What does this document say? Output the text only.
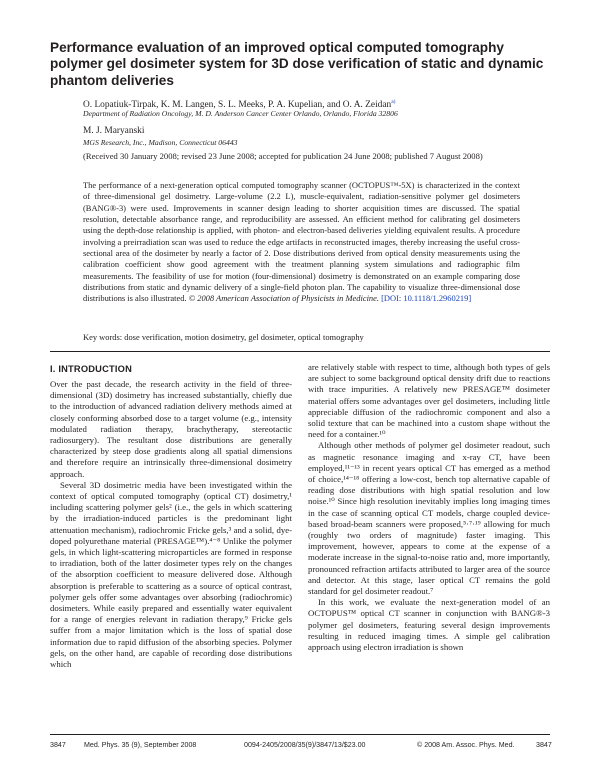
Performance evaluation of an improved optical computed tomography polymer gel dosimeter system for 3D dose verification of static and dynamic phantom deliveries
O. Lopatiuk-Tirpak, K. M. Langen, S. L. Meeks, P. A. Kupelian, and O. A. Zeidan$^{a)}$
Department of Radiation Oncology, M. D. Anderson Cancer Center Orlando, Orlando, Florida 32806
M. J. Maryanski
MGS Research, Inc., Madison, Connecticut 06443
(Received 30 January 2008; revised 23 June 2008; accepted for publication 24 June 2008; published 7 August 2008)
The performance of a next-generation optical computed tomography scanner (OCTOPUS™-5X) is characterized in the context of three-dimensional gel dosimetry. Large-volume (2.2 L), muscle-equivalent, radiation-sensitive polymer gel dosimeters (BANG®-3) were used. Improvements in scanner design leading to shorter acquisition times are discussed. The spatial resolution, detectable absorbance range, and reproducibility are assessed. An efficient method for calibrating gel dosimeters using the depth-dose relationship is applied, with photon- and electron-based deliveries yielding equivalent results. A procedure involving a preirradiation scan was used to reduce the edge artifacts in reconstructed images, thereby increasing the useful cross-sectional area of the dosimeter by nearly a factor of 2. Dose distributions derived from optical density measurements using the calibration coefficient show good agreement with the treatment planning system simulations and radiographic film measurements. The feasibility of use for motion (four-dimensional) dosimetry is demonstrated on an example comparing dose distributions from static and dynamic delivery of a single-field photon plan. The capability to visualize three-dimensional dose distributions is also illustrated. © 2008 American Association of Physicists in Medicine. [DOI: 10.1118/1.2960219]
Key words: dose verification, motion dosimetry, gel dosimeter, optical tomography
I. INTRODUCTION

Over the past decade, the research activity in the field of three-dimensional (3D) dosimetry has increased substantially, chiefly due to the introduction of advanced radiation delivery methods aimed at closely conforming absorbed dose to a target volume (e.g., intensity modulated radiation therapy, brachytherapy, stereotactic radiosurgery). The resultant dose distributions are generally characterized by steep dose gradients along all spatial dimensions and therefore require an intrinsically three-dimensional dosimetry approach.

Several 3D dosimetric media have been investigated within the context of optical computed tomography (optical CT) dosimetry,¹ including scattering polymer gels² (i.e., the gels in which scattering by the irradiation-induced particles is the predominant light attenuation mechanism), radiochromic Fricke gels,³ and a solid, dye-doped polyurethane material (PRESAGE™).⁴⁻⁸ Unlike the polymer gels, in which light-scattering microparticles are formed in response to irradiation, both of the latter dosimeter types rely on the changes of the absorption coefficient to measure delivered dose. Although absorption is preferable to scattering as a source of optical contrast, polymer gels offer some advantages over absorbing (radiochromic) dosimeters. While easily prepared and essentially water equivalent for a range of energies relevant in radiation therapy,⁹ Fricke gels suffer from a major limitation which is the loss of spatial dose information due to rapid diffusion of the absorbing species. Polymer gels, on the other hand, are capable of recording dose distributions which

are relatively stable with respect to time, although both types of gels are subject to some background optical density drift due to reactions with trace impurities. A relatively new PRESAGE™ dosimeter material offers some advantages over gel dosimeters, including little appreciable diffusion of the radiochromic component and also a solid texture that can be machined into a custom shape without the need for a container.¹⁰

Although other methods of polymer gel dosimeter readout, such as magnetic resonance imaging and x-ray CT, have been employed,¹¹⁻¹³ in recent years optical CT has emerged as a method of choice,¹⁴⁻¹⁸ offering a low-cost, bench top alternative capable of reading dose distributions with high spatial resolution and low noise.¹⁰ Since high resolution inevitably implies long imaging times in the case of scanning optical CT models, charge coupled device-based broad-beam scanners were proposed,⁵·⁷·¹⁹ allowing for much (roughly two orders of magnitude) faster imaging. This improvement, however, appears to come at the expense of a moderate increase in the signal-to-noise ratio and, more importantly, pronounced refraction artifacts attributed to larger area of the source and detector. At this stage, laser optical CT remains the gold standard for gel dosimeter readout.⁷

In this work, we evaluate the next-generation model of an OCTOPUS™ optical CT scanner in conjunction with BANG®-3 polymer gel dosimeters, featuring several design improvements resulting in reduced imaging times. A simple gel calibration approach using electron irradiation is shown

3847	Med. Phys. 35 (9), September 2008	0094-2405/2008/35(9)/3847/13/$23.00	© 2008 Am. Assoc. Phys. Med.	3847
